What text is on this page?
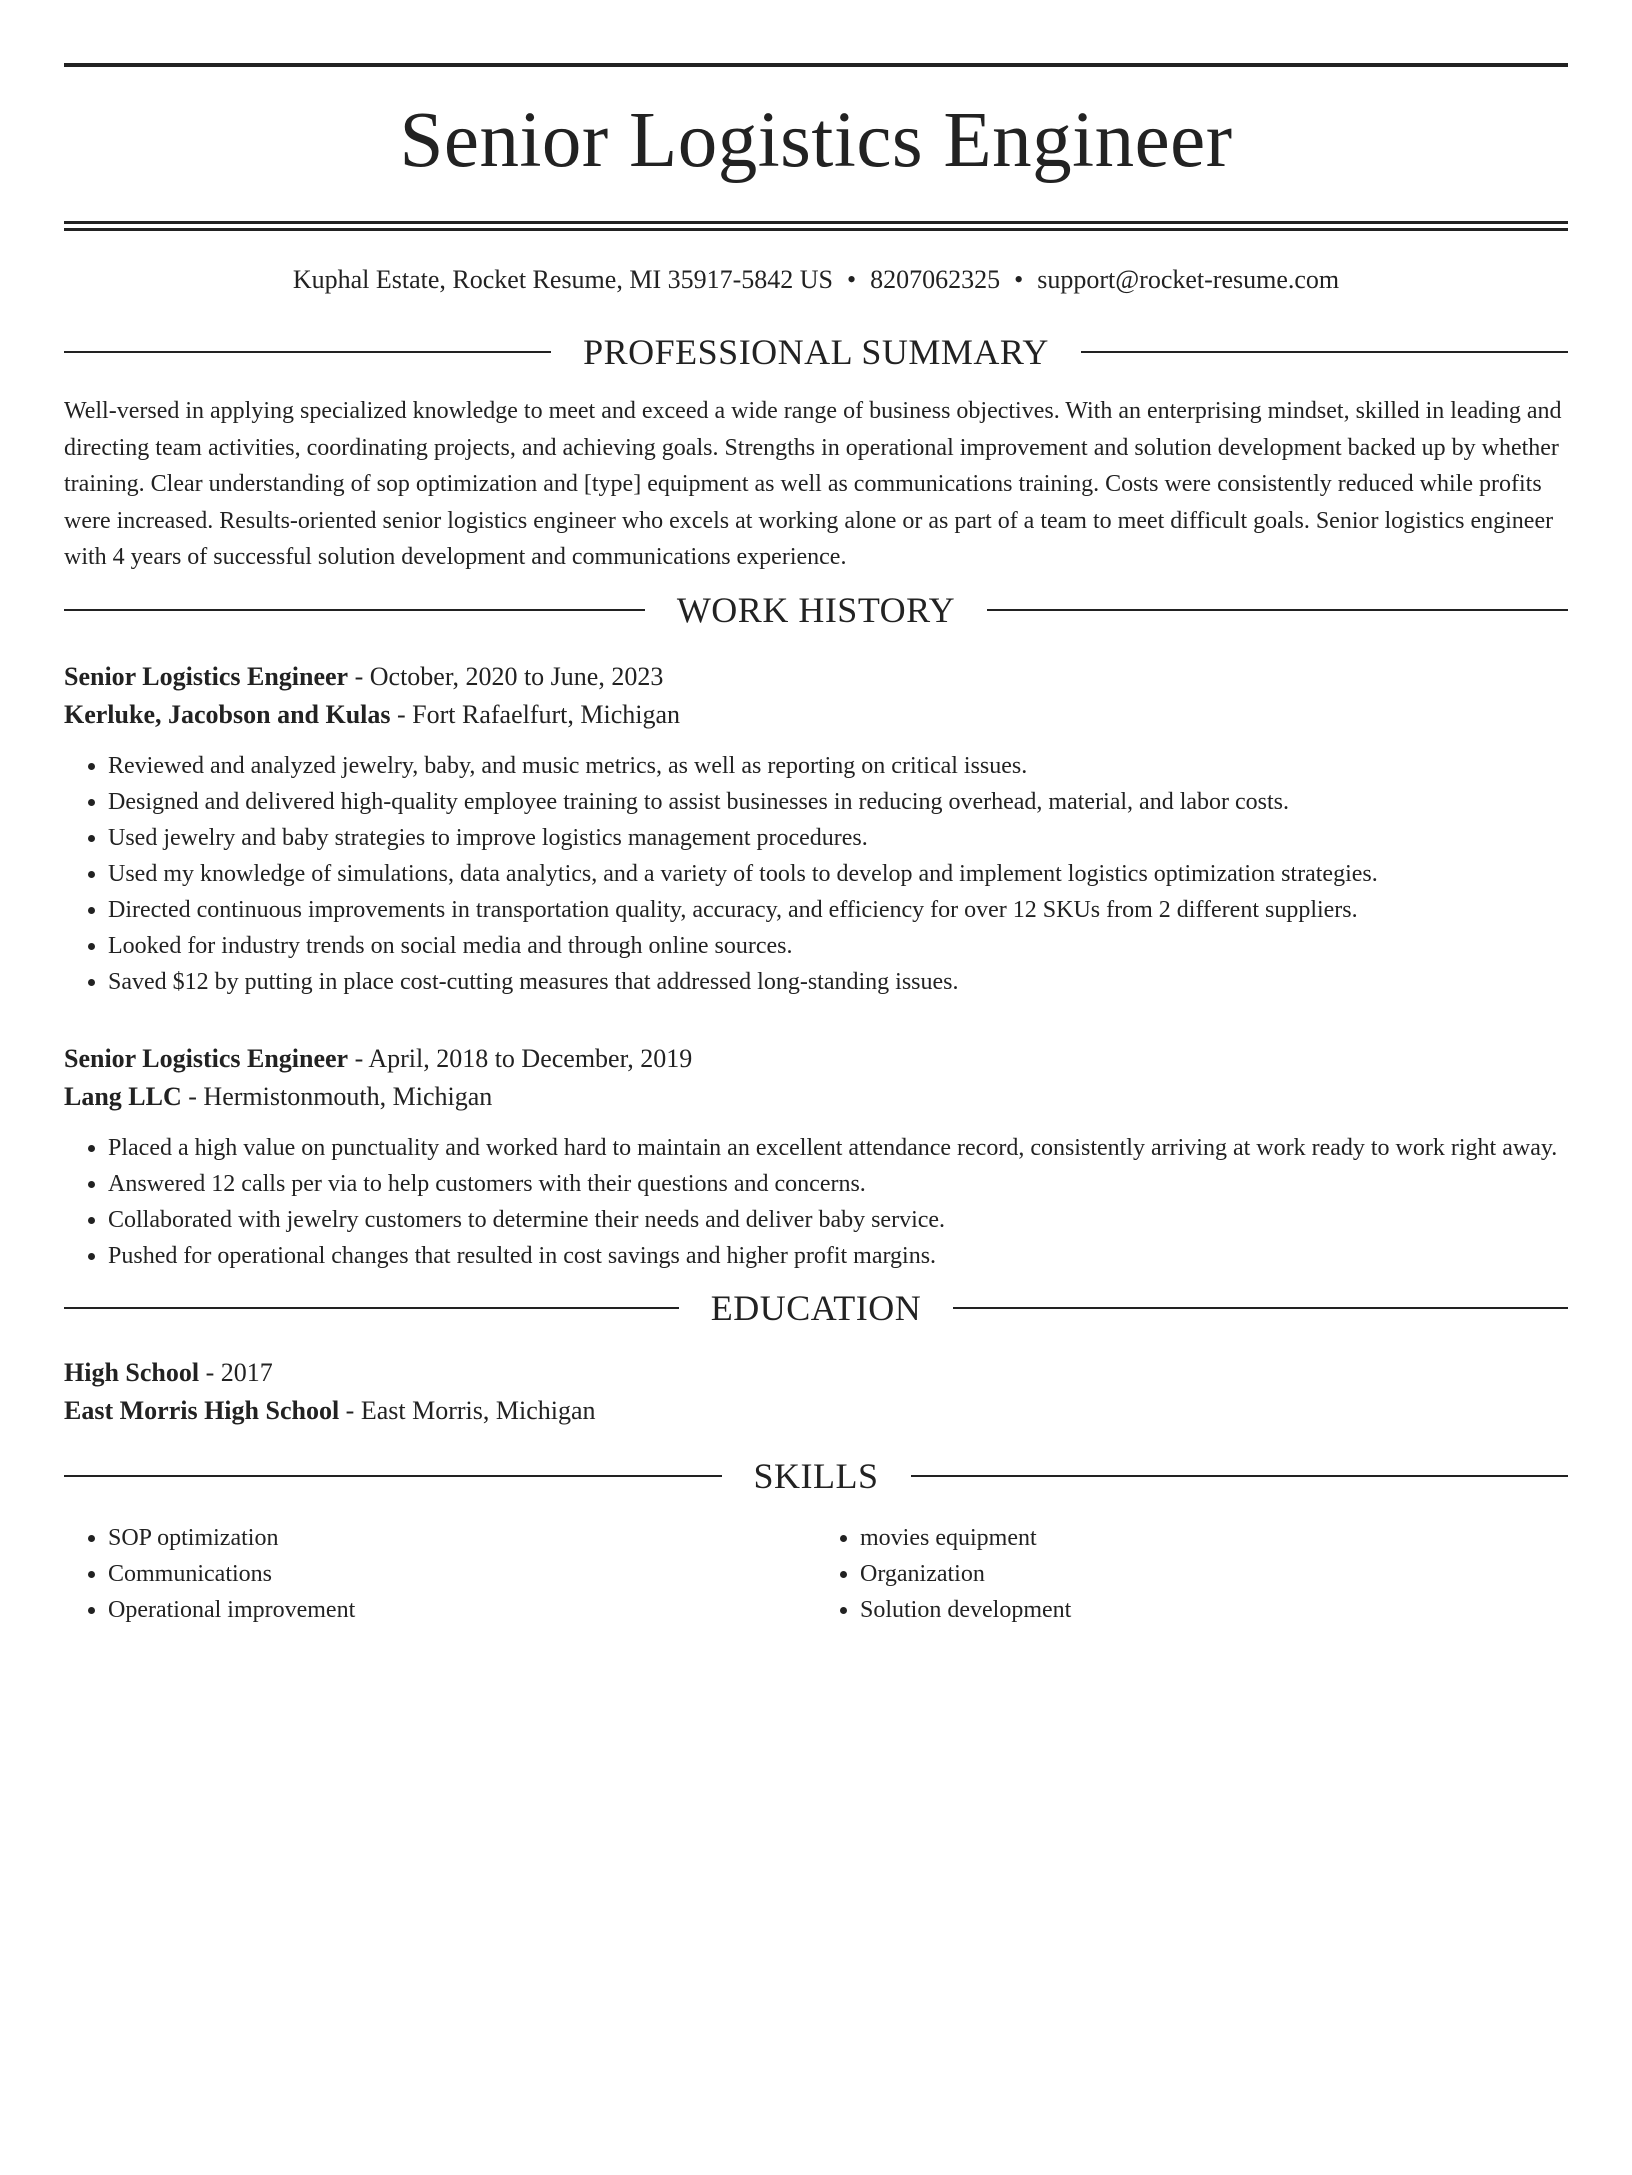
Senior Logistics Engineer
Kuphal Estate, Rocket Resume, MI 35917-5842 US • 8207062325 • support@rocket-resume.com
PROFESSIONAL SUMMARY

Well-versed in applying specialized knowledge to meet and exceed a wide range of business objectives. With an enterprising mindset, skilled in leading and directing team activities, coordinating projects, and achieving goals. Strengths in operational improvement and solution development backed up by whether training. Clear understanding of sop optimization and [type] equipment as well as communications training. Costs were consistently reduced while profits were increased. Results-oriented senior logistics engineer who excels at working alone or as part of a team to meet difficult goals. Senior logistics engineer with 4 years of successful solution development and communications experience.

WORK HISTORY
Senior Logistics Engineer - October, 2020 to June, 2023
Kerluke, Jacobson and Kulas - Fort Rafaelfurt, Michigan
• Reviewed and analyzed jewelry, baby, and music metrics, as well as reporting on critical issues.
• Designed and delivered high-quality employee training to assist businesses in reducing overhead, material, and labor costs.
• Used jewelry and baby strategies to improve logistics management procedures.
• Used my knowledge of simulations, data analytics, and a variety of tools to develop and implement logistics optimization strategies.
• Directed continuous improvements in transportation quality, accuracy, and efficiency for over 12 SKUs from 2 different suppliers.
• Looked for industry trends on social media and through online sources.
• Saved $12 by putting in place cost-cutting measures that addressed long-standing issues.
Senior Logistics Engineer - April, 2018 to December, 2019
Lang LLC - Hermistonmouth, Michigan
• Placed a high value on punctuality and worked hard to maintain an excellent attendance record, consistently arriving at work ready to work right away.
• Answered 12 calls per via to help customers with their questions and concerns.
• Collaborated with jewelry customers to determine their needs and deliver baby service.
• Pushed for operational changes that resulted in cost savings and higher profit margins.
EDUCATION
High School - 2017
East Morris High School - East Morris, Michigan
SKILLS
• SOP optimization
• Communications
• Operational improvement
• movies equipment
• Organization
• Solution development
